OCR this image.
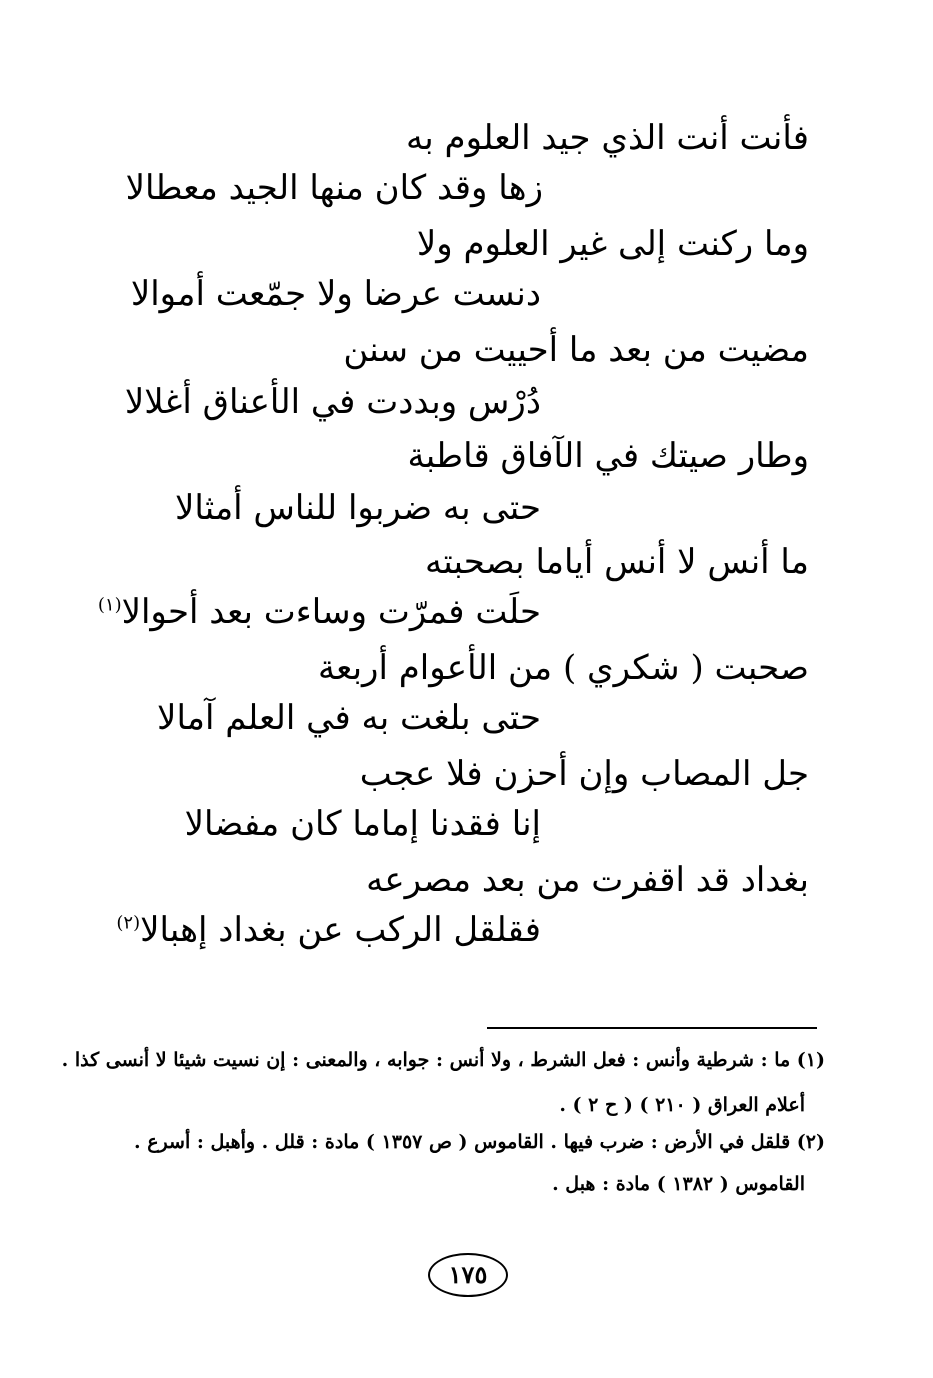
فأنت أنت الذي جيد العلوم به
زها وقد كان منها الجيد معطالا
وما ركنت إلى غير العلوم ولا
دنست عرضا ولا جمّعت أموالا
مضيت من بعد ما أحييت من سنن
دُرْس وبددت في الأعناق أغلالا
وطار صيتك في الآفاق قاطبة
حتى به ضربوا للناس أمثالا
ما أنس لا أنس أياما بصحبته
حلَت فمرّت وساءت بعد أحوالا$^{(١)}$
صحبت ( شكري ) من الأعوام أربعة
حتى بلغت به في العلم آمالا
جل المصاب وإن أحزن فلا عجب
إنا فقدنا إماما كان مفضالا
بغداد قد اقفرت من بعد مصرعه
فقلقل الركب عن بغداد إهبالا$^{(٢)}$
(١) ما : شرطية وأنس : فعل الشرط ، ولا أنس : جوابه ، والمعنى : إن نسيت شيئا لا أنسى كذا .
أعلام العراق ( ٢١٠ ) ( ح ٢ ) .
(٢) قلقل في الأرض : ضرب فيها . القاموس ( ص ١٣٥٧ ) مادة : قلل . وأهبل : أسرع .
القاموس ( ١٣٨٢ ) مادة : هبل .
١٧٥
